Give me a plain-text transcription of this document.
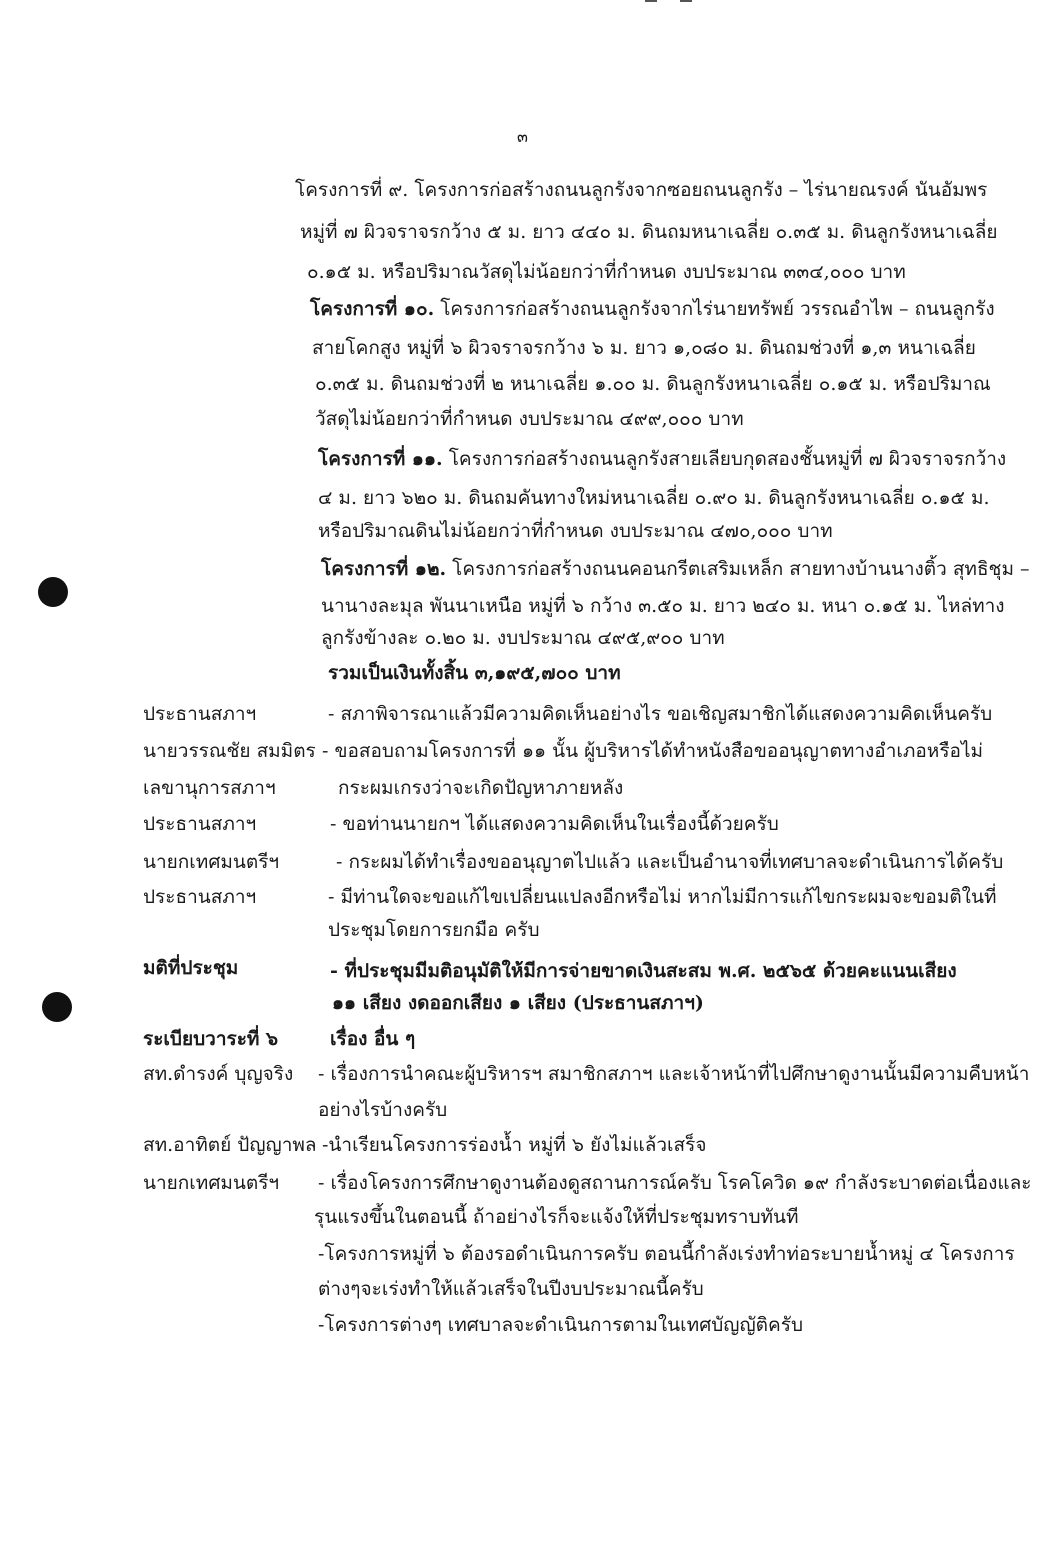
๓
โครงการที่ ๙. โครงการก่อสร้างถนนลูกรังจากซอยถนนลูกรัง – ไร่นายณรงค์ นันอัมพร
หมู่ที่ ๗ ผิวจราจรกว้าง ๕ ม. ยาว ๔๔๐ ม. ดินถมหนาเฉลี่ย ๐.๓๕ ม. ดินลูกรังหนาเฉลี่ย
๐.๑๕ ม. หรือปริมาณวัสดุไม่น้อยกว่าที่กำหนด งบประมาณ ๓๓๔,๐๐๐ บาท
โครงการที่ ๑๐. โครงการก่อสร้างถนนลูกรังจากไร่นายทรัพย์ วรรณอำไพ – ถนนลูกรัง
สายโคกสูง หมู่ที่ ๖ ผิวจราจรกว้าง ๖ ม. ยาว ๑,๐๘๐ ม. ดินถมช่วงที่ ๑,๓ หนาเฉลี่ย
๐.๓๕ ม. ดินถมช่วงที่ ๒ หนาเฉลี่ย ๑.๐๐ ม. ดินลูกรังหนาเฉลี่ย ๐.๑๕ ม. หรือปริมาณ
วัสดุไม่น้อยกว่าที่กำหนด งบประมาณ ๔๙๙,๐๐๐ บาท
โครงการที่ ๑๑. โครงการก่อสร้างถนนลูกรังสายเลียบกุดสองชั้นหมู่ที่ ๗ ผิวจราจรกว้าง
๔ ม. ยาว ๖๒๐ ม. ดินถมคันทางใหม่หนาเฉลี่ย ๐.๙๐ ม. ดินลูกรังหนาเฉลี่ย ๐.๑๕ ม.
หรือปริมาณดินไม่น้อยกว่าที่กำหนด งบประมาณ ๔๗๐,๐๐๐ บาท
โครงการที่ ๑๒. โครงการก่อสร้างถนนคอนกรีตเสริมเหล็ก สายทางบ้านนางติ้ว สุทธิชุม –
นานางละมุล พันนาเหนือ หมู่ที่ ๖ กว้าง ๓.๕๐ ม. ยาว ๒๔๐ ม. หนา ๐.๑๕ ม. ไหล่ทาง
ลูกรังข้างละ ๐.๒๐ ม. งบประมาณ ๔๙๕,๙๐๐ บาท
รวมเป็นเงินทั้งสิ้น ๓,๑๙๕,๗๐๐ บาท
ประธานสภาฯ
นายวรรณชัย สมมิตร
เลขานุการสภาฯ
ประธานสภาฯ
นายกเทศมนตรีฯ
ประธานสภาฯ
มติที่ประชุม
ระเบียบวาระที่ ๖
สท.ดำรงค์ บุญจริง
สท.อาทิตย์ ปัญญาพล
นายกเทศมนตรีฯ
- สภาพิจารณาแล้วมีความคิดเห็นอย่างไร ขอเชิญสมาชิกได้แสดงความคิดเห็นครับ
- ขอสอบถามโครงการที่ ๑๑ นั้น ผู้บริหารได้ทำหนังสือขออนุญาตทางอำเภอหรือไม่
กระผมเกรงว่าจะเกิดปัญหาภายหลัง
- ขอท่านนายกฯ ได้แสดงความคิดเห็นในเรื่องนี้ด้วยครับ
- กระผมได้ทำเรื่องขออนุญาตไปแล้ว และเป็นอำนาจที่เทศบาลจะดำเนินการได้ครับ
- มีท่านใดจะขอแก้ไขเปลี่ยนแปลงอีกหรือไม่ หากไม่มีการแก้ไขกระผมจะขอมติในที่
ประชุมโดยการยกมือ ครับ
- ที่ประชุมมีมติอนุมัติให้มีการจ่ายขาดเงินสะสม พ.ศ. ๒๕๖๕ ด้วยคะแนนเสียง
๑๑ เสียง งดออกเสียง ๑ เสียง (ประธานสภาฯ)
เรื่อง อื่น ๆ
- เรื่องการนำคณะผู้บริหารฯ สมาชิกสภาฯ และเจ้าหน้าที่ไปศึกษาดูงานนั้นมีความคืบหน้า
อย่างไรบ้างครับ
-นำเรียนโครงการร่องน้ำ หมู่ที่ ๖ ยังไม่แล้วเสร็จ
- เรื่องโครงการศึกษาดูงานต้องดูสถานการณ์ครับ โรคโควิด ๑๙ กำลังระบาดต่อเนื่องและ
รุนแรงขึ้นในตอนนี้ ถ้าอย่างไรก็จะแจ้งให้ที่ประชุมทราบทันที
-โครงการหมู่ที่ ๖ ต้องรอดำเนินการครับ ตอนนี้กำลังเร่งทำท่อระบายน้ำหมู่ ๔ โครงการ
ต่างๆจะเร่งทำให้แล้วเสร็จในปีงบประมาณนี้ครับ
-โครงการต่างๆ เทศบาลจะดำเนินการตามในเทศบัญญัติครับ
